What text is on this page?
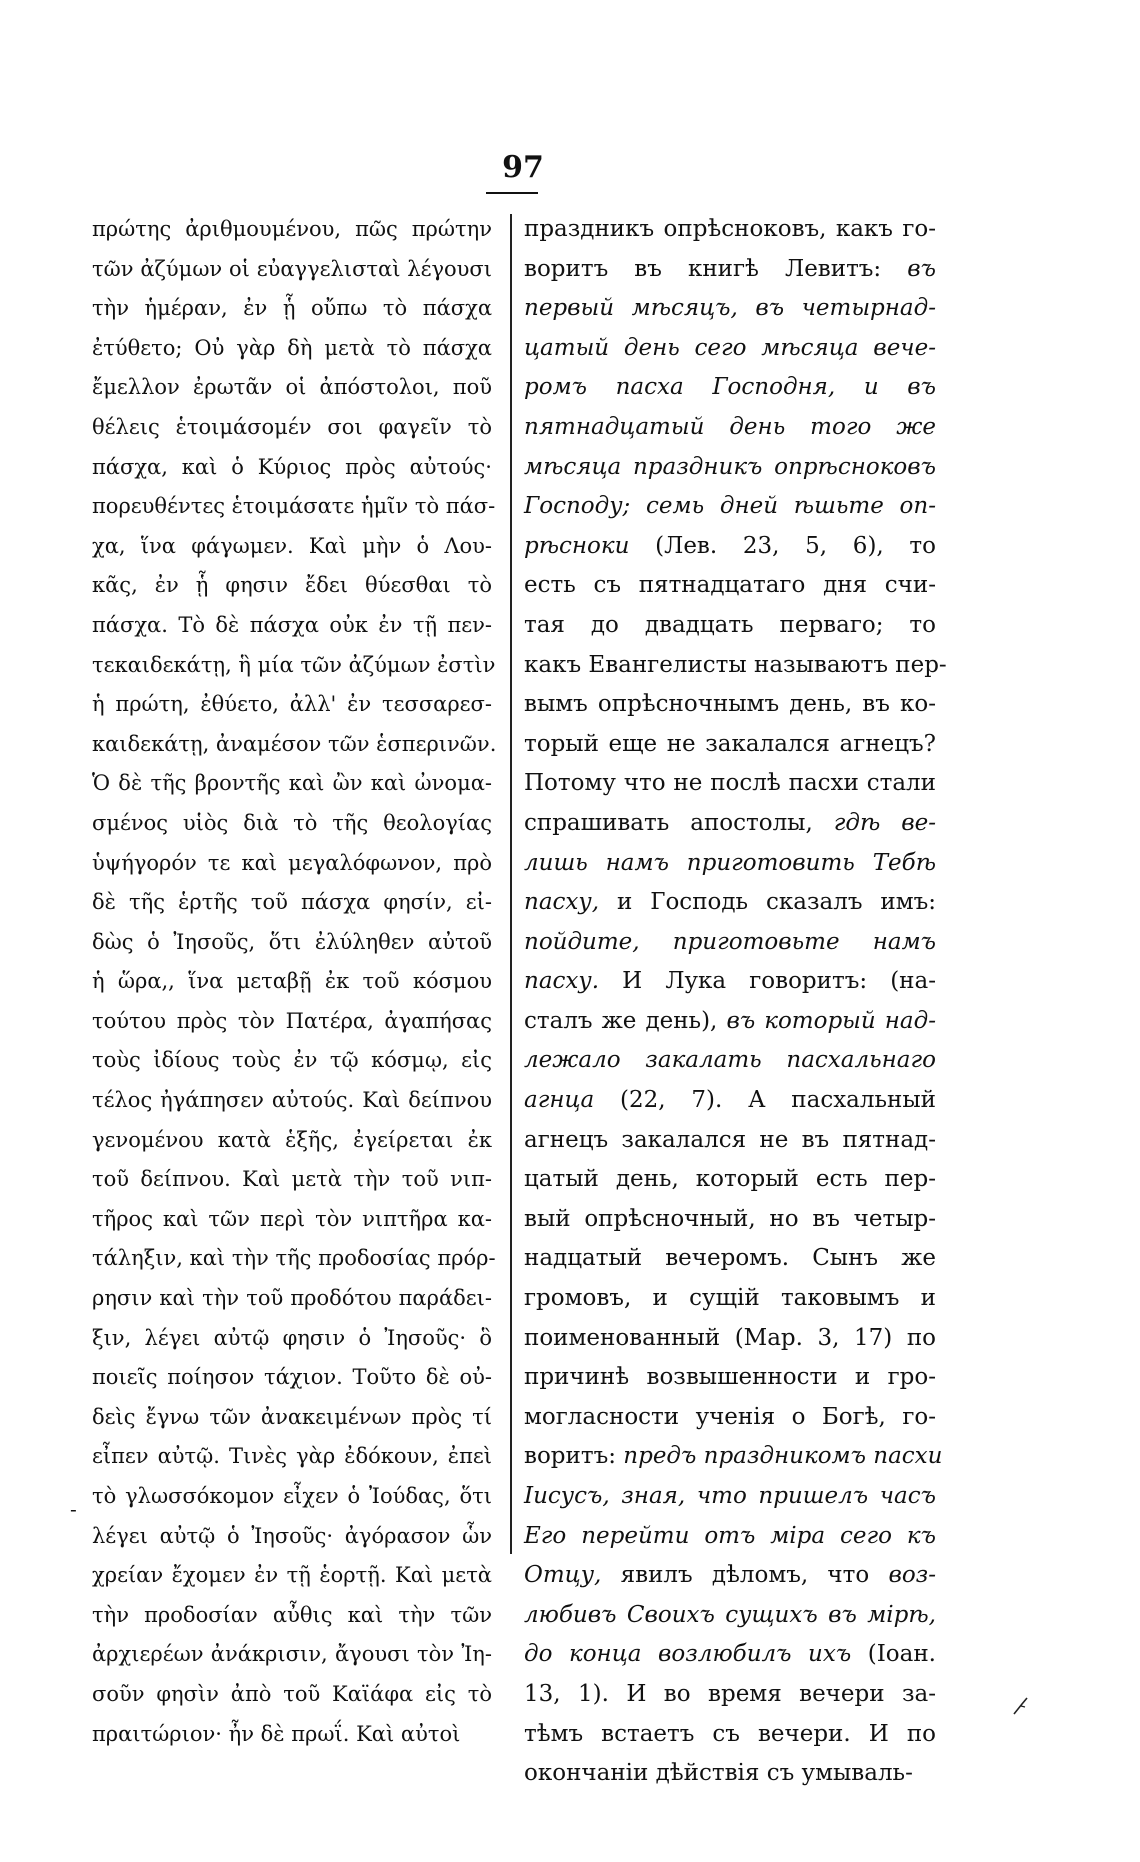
97
πρώτης ἀριθμουμένου, πῶς πρώτην
τῶν ἀζύμων οἱ εὐαγγελισταὶ λέγουσι
τὴν ἡμέραν, ἐν ᾗ οὔπω τὸ πάσχα
ἐτύθετο; Οὐ γὰρ δὴ μετὰ τὸ πάσχα
ἔμελλον ἐρωτᾶν οἱ ἀπόστολοι, ποῦ
θέλεις ἑτοιμάσομέν σοι φαγεῖν τὸ
πάσχα, καὶ ὁ Κύριος πρὸς αὐτούς·
πορευθέντες ἑτοιμάσατε ἡμῖν τὸ πάσ-
χα, ἵνα φάγωμεν. Καὶ μὴν ὁ Λου-
κᾶς, ἐν ᾗ φησιν ἔδει θύεσθαι τὸ
πάσχα. Τὸ δὲ πάσχα οὐκ ἐν τῇ πεν-
τεκαιδεκάτῃ, ἣ μία τῶν ἀζύμων ἐστὶν
ἡ πρώτη, ἐθύετο, ἀλλ' ἐν τεσσαρεσ-
καιδεκάτῃ, ἀναμέσον τῶν ἑσπερινῶν.
Ὁ δὲ τῆς βροντῆς καὶ ὢν καὶ ὠνομα-
σμένος υἱὸς διὰ τὸ τῆς θεολογίας
ὑψήγορόν τε καὶ μεγαλόφωνον, πρὸ
δὲ τῆς ἑρτῆς τοῦ πάσχα φησίν, εἰ-
δὼς ὁ Ἰησοῦς, ὅτι ἐλύληθεν αὐτοῦ
ἡ ὥρα,, ἵνα μεταβῇ ἐκ τοῦ κόσμου
τούτου πρὸς τὸν Πατέρα, ἀγαπήσας
τοὺς ἰδίους τοὺς ἐν τῷ κόσμῳ, εἰς
τέλος ἠγάπησεν αὐτούς. Καὶ δείπνου
γενομένου κατὰ ἑξῆς, ἐγείρεται ἐκ
τοῦ δείπνου. Καὶ μετὰ τὴν τοῦ νιπ-
τῆρος καὶ τῶν περὶ τὸν νιπτῆρα κα-
τάληξιν, καὶ τὴν τῆς προδοσίας πρόρ-
ρησιν καὶ τὴν τοῦ προδότου παράδει-
ξιν, λέγει αὐτῷ φησιν ὁ Ἰησοῦς· ὃ
ποιεῖς ποίησον τάχιον. Τοῦτο δὲ οὐ-
δεὶς ἔγνω τῶν ἀνακειμένων πρὸς τί
εἶπεν αὐτῷ. Τινὲς γὰρ ἐδόκουν, ἐπεὶ
τὸ γλωσσόκομον εἶχεν ὁ Ἰούδας, ὅτι
λέγει αὐτῷ ὁ Ἰησοῦς· ἀγόρασον ὧν
χρείαν ἔχομεν ἐν τῇ ἑορτῇ. Καὶ μετὰ
τὴν προδοσίαν αὖθις καὶ τὴν τῶν
ἀρχιερέων ἀνάκρισιν, ἄγουσι τὸν Ἰη-
σοῦν φησὶν ἀπὸ τοῦ Καϊάφα εἰς τὸ
πραιτώριον· ἦν δὲ πρωΐ. Καὶ αὐτοὶ
праздникъ опрѣсноковъ, какъ го-
воритъ въ книгѣ Левитъ: въ
первый мѣсяцъ, въ четырнад-
цатый день сего мѣсяца вече-
ромъ пасха Господня, и въ
пятнадцатый день того же
мѣсяца праздникъ опрѣсноковъ
Господу; семь дней ѣшьте оп-
рѣсноки (Лев. 23, 5, 6), то
есть съ пятнадцатаго дня счи-
тая до двадцать перваго; то
какъ Евангелисты называютъ пер-
вымъ опрѣсночнымъ день, въ ко-
торый еще не закалался агнецъ?
Потому что не послѣ пасхи стали
спрашивать апостолы, гдѣ ве-
лишь намъ приготовить Тебѣ
пасху, и Господь сказалъ имъ:
пойдите, приготовьте намъ
пасху. И Лука говоритъ: (на-
сталъ же день), въ который над-
лежало закалать пасхальнаго
агнца (22, 7). А пасхальный
агнецъ закалался не въ пятнад-
цатый день, который есть пер-
вый опрѣсночный, но въ четыр-
надцатый вечеромъ. Сынъ же
громовъ, и сущій таковымъ и
поименованный (Мар. 3, 17) по
причинѣ возвышенности и гро-
могласности ученія о Богѣ, го-
воритъ: предъ праздникомъ пасхи
Іисусъ, зная, что пришелъ часъ
Его перейти отъ міра сего къ
Отцу, явилъ дѣломъ, что воз-
любивъ Своихъ сущихъ въ мірѣ,
до конца возлюбилъ ихъ (Іоан.
13, 1). И во время вечери за-
тѣмъ встаетъ съ вечери. И по
окончаніи дѣйствія съ умываль-
-
